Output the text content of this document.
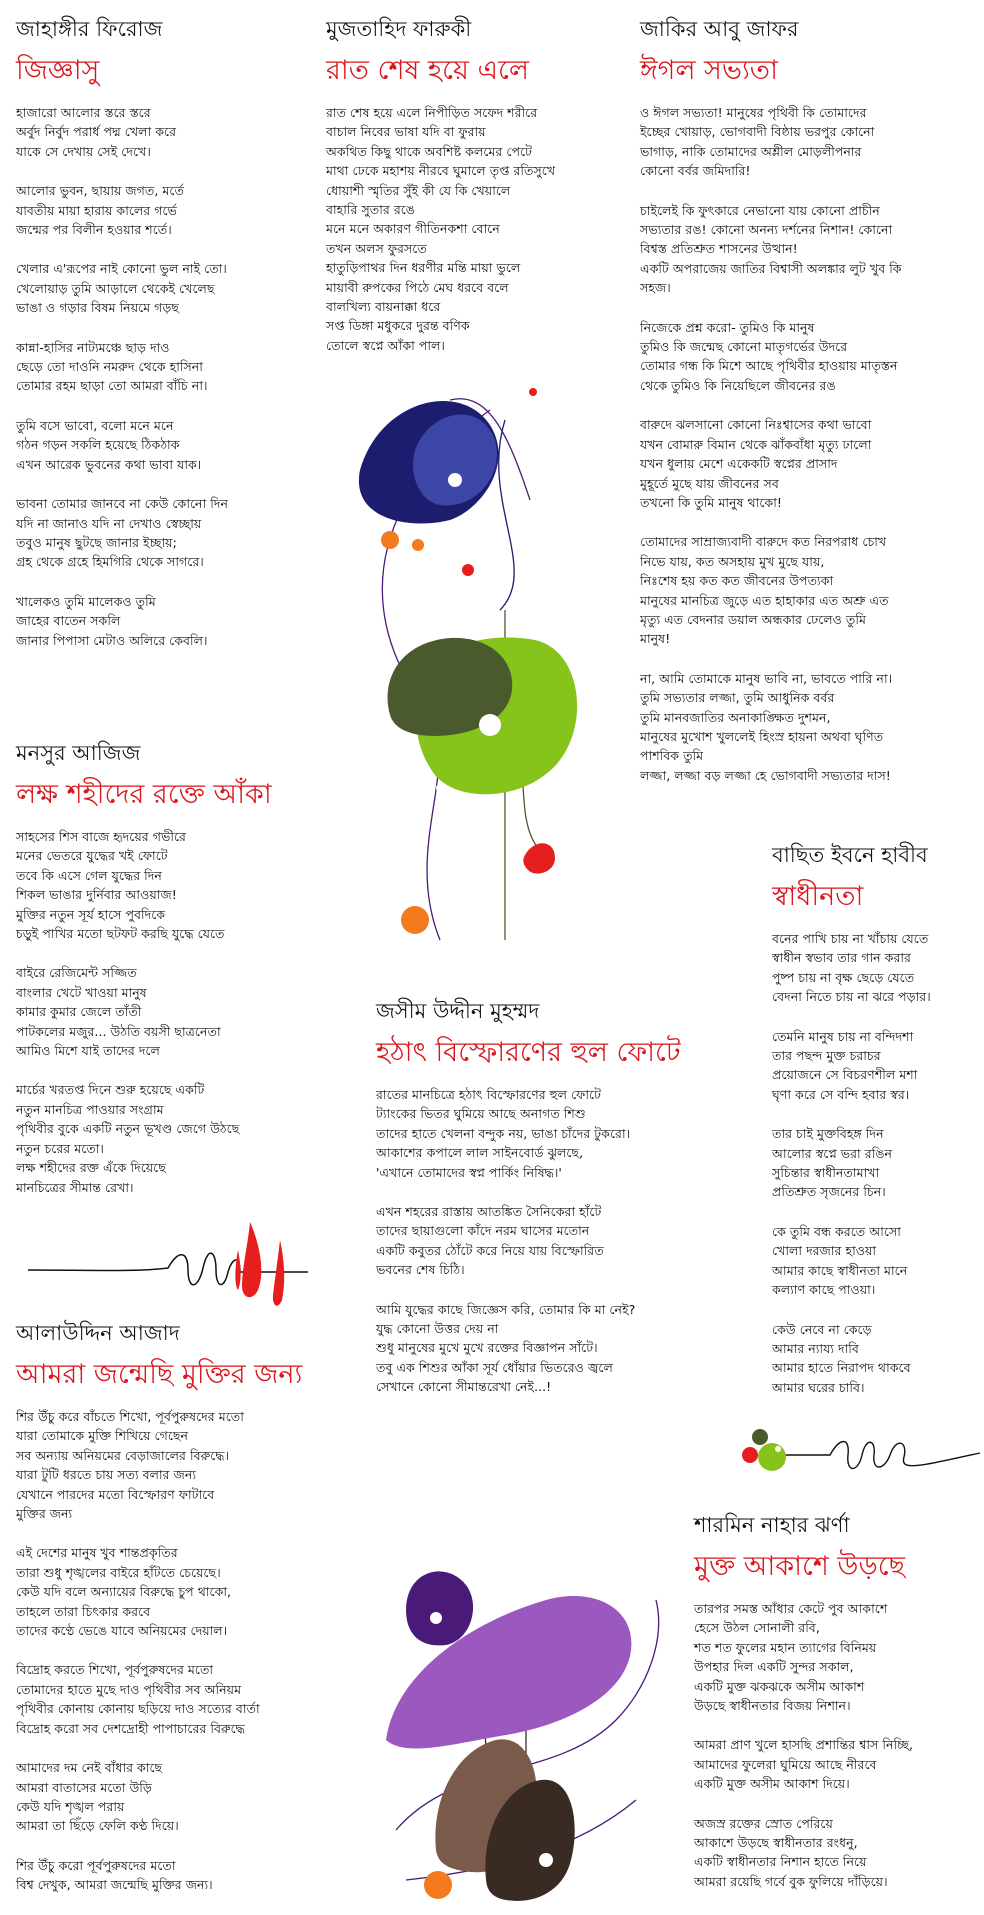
জাহাঙ্গীর ফিরোজ
জিজ্ঞাসু

হাজারো আলোর স্তরে স্তরে
অর্বুদ নির্বুদ পরার্ধ পদ্ম খেলা করে
যাকে সে দেখায় সেই দেখে।

আলোর ভুবন, ছায়ায় জগত, মর্তে
যাবতীয় মায়া হারায় কালের গর্ভে
জন্মের পর বিলীন হওয়ার শর্তে।

খেলার এ'রূপের নাই কোনো ভুল নাই তো।
খেলোয়াড় তুমি আড়ালে থেকেই খেলেছ
ভাঙা ও গড়ার বিষম নিয়মে গড়ছ

কান্না-হাসির নাট্যমঞ্চে ছাড় দাও
ছেড়ে তো দাওনি নমরুদ থেকে হাসিনা
তোমার রহম ছাড়া তো আমরা বাঁচি না।

তুমি বসে ভাবো, বলো মনে মনে
গঠন গড়ন সকলি হয়েছে ঠিকঠাক
এখন আরেক ভুবনের কথা ভাবা যাক।

ভাবনা তোমার জানবে না কেউ কোনো দিন
যদি না জানাও যদি না দেখাও স্বেচ্ছায়
তবুও মানুষ ছুটছে জানার ইচ্ছায়;
গ্রহ থেকে গ্রহে হিমগিরি থেকে সাগরে।

খালেকও তুমি মালেকও তুমি
জাহের বাতেন সকলি
জানার পিপাসা মেটাও অলিরে কেবলি।

মুজতাহিদ ফারুকী
রাত শেষ হয়ে এলে

রাত শেষ হয়ে এলে নিপীড়িত সফেদ শরীরে
বাচাল নিবের ভাষা যদি বা ফুরায়
অকথিত কিছু থাকে অবশিষ্ট কলমের পেটে
মাথা ঢেকে মহাশয় নীরবে ঘুমালে তৃপ্ত রতিসুখে
ধোয়াশী স্মৃতির সুঁই কী যে কি খেয়ালে
বাহারি সুতার রঙে
মনে মনে অকারণ গীতিনকশা বোনে
তখন অলস ফুরসতে
হাতুড়িপাথর দিন ধরণীর মন্তি মায়া ভুলে
মায়াবী রুপকের পিঠে মেঘ ধরবে বলে
বালখিল্য বায়নাক্কা ধরে
সপ্ত ডিঙ্গা মধুকরে দুরন্ত বণিক
তোলে স্বপ্নে আঁকা পাল।

জাকির আবু জাফর
ঈগল সভ্যতা

ও ঈগল সভ্যতা! মানুষের পৃথিবী কি তোমাদের
ইচ্ছের খোয়াড়, ভোগবাদী বিষ্ঠায় ভরপুর কোনো
ভাগাড়, নাকি তোমাদের অশ্লীল মোড়লীপনার
কোনো বর্বর জমিদারি!

চাইলেই কি ফুৎকারে নেভানো যায় কোনো প্রাচীন
সভ্যতার রঙ! কোনো অনন্য দর্শনের নিশান! কোনো
বিশ্বস্ত প্রতিশ্রুত শাসনের উত্থান!
একটি অপরাজেয় জাতির বিশ্বাসী অলঙ্কার লুট খুব কি
সহজ।

নিজেকে প্রশ্ন করো- তুমিও কি মানুষ
তুমিও কি জন্মেছ কোনো মাতৃগর্ভের উদরে
তোমার গন্ধ কি মিশে আছে পৃথিবীর হাওয়ায় মাতৃস্তন
থেকে তুমিও কি নিয়েছিলে জীবনের রঙ

বারুদে ঝলসানো কোনো নিঃশ্বাসের কথা ভাবো
যখন বোমারু বিমান থেকে ঝাঁকবাঁধা মৃত্যু ঢালো
যখন ধুলায় মেশে একেকটি স্বপ্নের প্রাসাদ
মুহূর্তে মুছে যায় জীবনের সব
তখনো কি তুমি মানুষ থাকো!

তোমাদের সাম্রাজ্যবাদী বারুদে কত নিরপরাধ চোখ
নিভে যায়, কত অসহায় মুখ মুছে যায়,
নিঃশেষ হয় কত কত জীবনের উপত্যকা
মানুষের মানচিত্র জুড়ে এত হাহাকার এত অশ্রু এত
মৃত্যু এত বেদনার ডয়াল অন্ধকার ঢেলেও তুমি
মানুষ!

না, আমি তোমাকে মানুষ ভাবি না, ভাবতে পারি না।
তুমি সভ্যতার লজ্জা, তুমি আধুনিক বর্বর
তুমি মানবজাতির অনাকাঙ্ক্ষিত দুশমন,
মানুষের মুখোশ খুললেই হিংস্র হায়না অথবা ঘৃণিত
পাশবিক তুমি
লজ্জা, লজ্জা বড় লজ্জা হে ভোগবাদী সভ্যতার দাস!

মনসুর আজিজ
লক্ষ শহীদের রক্তে আঁকা

সাহসের শিস বাজে হৃদয়ের গভীরে
মনের ভেতরে যুদ্ধের খই ফোটে
তবে কি এসে গেল যুদ্ধের দিন
শিকল ভাঙার দুর্নিবার আওয়াজ!
মুক্তির নতুন সূর্য হাসে পুবদিকে
চড়ুই পাখির মতো ছটফট করছি যুদ্ধে যেতে

বাইরে রেজিমেন্ট সজ্জিত
বাংলার খেটে খাওয়া মানুষ
কামার কুমার জেলে তাঁতী
পাটকলের মজুর... উঠতি বয়সী ছাত্রনেতা
আমিও মিশে যাই তাদের দলে

মার্চের খরতপ্ত দিনে শুরু হয়েছে একটি
নতুন মানচিত্র পাওয়ার সংগ্রাম
পৃথিবীর বুকে একটি নতুন ভূখণ্ড জেগে উঠছে
নতুন চরের মতো।
লক্ষ শহীদের রক্ত এঁকে দিয়েছে
মানচিত্রের সীমান্ত রেখা।

বাছিত ইবনে হাবীব
স্বাধীনতা

বনের পাখি চায় না খাঁচায় যেতে
স্বাধীন স্বভাব তার গান করার
পুষ্প চায় না বৃক্ষ ছেড়ে যেতে
বেদনা নিতে চায় না ঝরে পড়ার।

তেমনি মানুষ চায় না বন্দিদশা
তার পছন্দ মুক্ত চরাচর
প্রয়োজনে সে বিচরণশীল মশা
ঘৃণা করে সে বন্দি হবার স্বর।

তার চাই মুক্তবিহঙ্গ দিন
আলোর স্বপ্নে ভরা রঙিন
সুচিন্তার স্বাধীনতামাখা
প্রতিশ্রুত সৃজনের চিন।

কে তুমি বন্ধ করতে আসো
খোলা দরজার হাওয়া
আমার কাছে স্বাধীনতা মানে
কল্যাণ কাছে পাওয়া।

কেউ নেবে না কেড়ে
আমার ন্যায্য দাবি
আমার হাতে নিরাপদ থাকবে
আমার ঘরের চাবি।

জসীম উদ্দীন মুহম্মদ
হঠাৎ বিস্ফোরণের হুল ফোটে

রাতের মানচিত্রে হঠাৎ বিস্ফোরণের হুল ফোটে
ট্যাংকের ভিতর ঘুমিয়ে আছে অনাগত শিশু
তাদের হাতে খেলনা বন্দুক নয়, ভাঙা চাঁদের টুকরো।
আকাশের কপালে লাল সাইনবোর্ড ঝুলছে,
'এখানে তোমাদের স্বপ্ন পার্কিং নিষিদ্ধ।'

এখন শহরের রাস্তায় আতঙ্কিত সৈনিকেরা হাঁটে
তাদের ছায়াগুলো কাঁদে নরম ঘাসের মতোন
একটি কবুতর ঠোঁটে করে নিয়ে যায় বিস্ফোরিত
ভবনের শেষ চিঠি।

আমি যুদ্ধের কাছে জিজ্ঞেস করি, তোমার কি মা নেই?
যুদ্ধ কোনো উত্তর দেয় না
শুধু মানুষের মুখে মুখে রক্তের বিজ্ঞাপন সাঁটে।
তবু এক শিশুর আঁকা সূর্য ধোঁয়ার ভিতরেও জ্বলে
সেখানে কোনো সীমান্তরেখা নেই...!

আলাউদ্দিন আজাদ
আমরা জন্মেছি মুক্তির জন্য

শির উঁচু করে বাঁচতে শিখো, পূর্বপুরুষদের মতো
যারা তোমাকে মুক্তি শিখিয়ে গেছেন
সব অন্যায় অনিয়মের বেড়াজালের বিরুদ্ধে।
যারা টুটি ধরতে চায় সত্য বলার জন্য
যেখানে পারদের মতো বিস্ফোরণ ফাটাবে
মুক্তির জন্য

এই দেশের মানুষ খুব শান্তপ্রকৃতির
তারা শুধু শৃঙ্খলের বাইরে হাঁটতে চেয়েছে।
কেউ যদি বলে অন্যায়ের বিরুদ্ধে চুপ থাকো,
তাহলে তারা চিৎকার করবে
তাদের কণ্ঠে ভেঙে যাবে অনিয়মের দেয়াল।

বিদ্রোহ করতে শিখো, পূর্বপুরুষদের মতো
তোমাদের হাতে মুছে দাও পৃথিবীর সব অনিয়ম
পৃথিবীর কোনায় কোনায় ছড়িয়ে দাও সত্যের বার্তা
বিদ্রোহ করো সব দেশদ্রোহী পাপাচারের বিরুদ্ধে

আমাদের দম নেই বাঁধার কাছে
আমরা বাতাসের মতো উড়ি
কেউ যদি শৃঙ্খল পরায়
আমরা তা ছিঁড়ে ফেলি কণ্ঠ দিয়ে।

শির উঁচু করো পূর্বপুরুষদের মতো
বিশ্ব দেখুক, আমরা জন্মেছি মুক্তির জন্য।

শারমিন নাহার ঝর্ণা
মুক্ত আকাশে উড়ছে

তারপর সমস্ত আঁধার কেটে পুব আকাশে
হেসে উঠল সোনালী রবি,
শত শত ফুলের মহান ত্যাগের বিনিময়
উপহার দিল একটি সুন্দর সকাল,
একটি মুক্ত ঝকঝকে অসীম আকাশ
উড়ছে স্বাধীনতার বিজয় নিশান।

আমরা প্রাণ খুলে হাসছি প্রশান্তির শ্বাস নিচ্ছি,
আমাদের ফুলেরা ঘুমিয়ে আছে নীরবে
একটি মুক্ত অসীম আকাশ দিয়ে।

অজস্র রক্তের স্রোত পেরিয়ে
আকাশে উড়ছে স্বাধীনতার রংধনু,
একটি স্বাধীনতার নিশান হাতে নিয়ে
আমরা রয়েছি গর্বে বুক ফুলিয়ে দাঁড়িয়ে।
